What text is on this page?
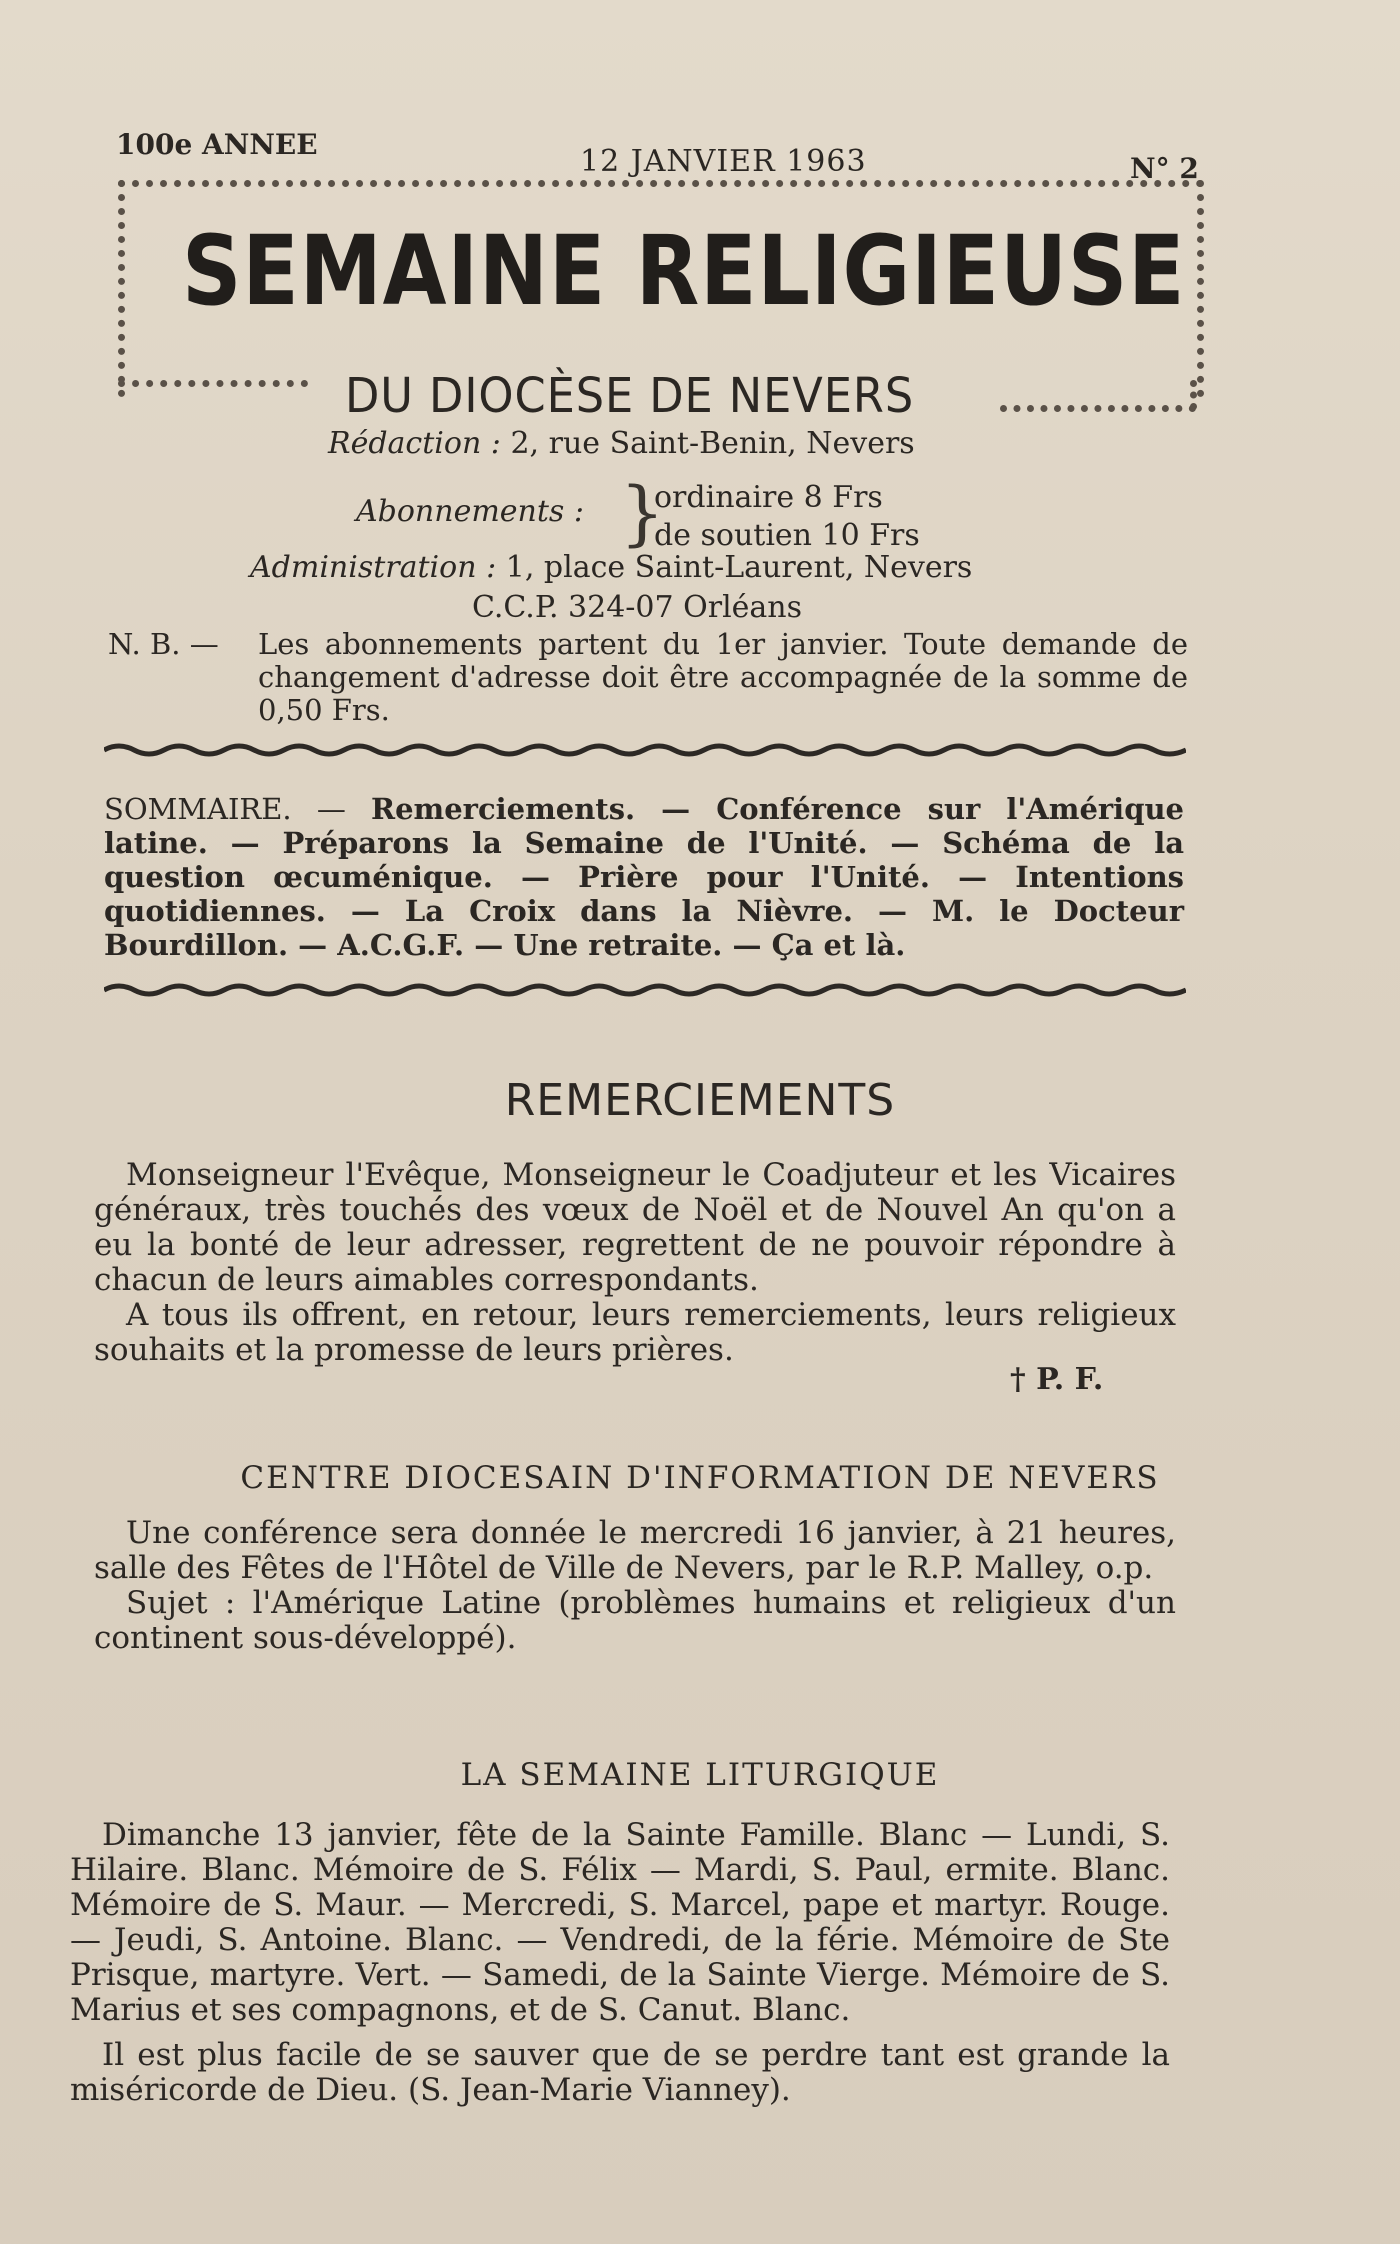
100e ANNEE	12 JANVIER 1963	N° 2
SEMAINE RELIGIEUSE
DU DIOCÈSE DE NEVERS
Rédaction : 2, rue Saint-Benin, Nevers
Abonnements : }
ordinaire 8 Frs
de soutien 10 Frs
Administration : 1, place Saint-Laurent, Nevers
C.C.P. 324-07 Orléans
N. B. — Les abonnements partent du 1er janvier. Toute demande de changement d'adresse doit être accompagnée de la somme de 0,50 Frs.
SOMMAIRE. — Remerciements. — Conférence sur l'Amérique latine. — Préparons la Semaine de l'Unité. — Schéma de la question œcuménique. — Prière pour l'Unité. — Intentions quotidiennes. — La Croix dans la Nièvre. — M. le Docteur Bourdillon. — A.C.G.F. — Une retraite. — Ça et là.
REMERCIEMENTS

Monseigneur l'Evêque, Monseigneur le Coadjuteur et les Vicaires généraux, très touchés des vœux de Noël et de Nouvel An qu'on a eu la bonté de leur adresser, regrettent de ne pouvoir répondre à chacun de leurs aimables correspondants.

A tous ils offrent, en retour, leurs remerciements, leurs religieux souhaits et la promesse de leurs prières.

† P. F.
CENTRE DIOCESAIN D'INFORMATION DE NEVERS

Une conférence sera donnée le mercredi 16 janvier, à 21 heures, salle des Fêtes de l'Hôtel de Ville de Nevers, par le R.P. Malley, o.p.

Sujet : l'Amérique Latine (problèmes humains et religieux d'un continent sous-développé).

LA SEMAINE LITURGIQUE

Dimanche 13 janvier, fête de la Sainte Famille. Blanc — Lundi, S. Hilaire. Blanc. Mémoire de S. Félix — Mardi, S. Paul, ermite. Blanc. Mémoire de S. Maur. — Mercredi, S. Marcel, pape et martyr. Rouge. — Jeudi, S. Antoine. Blanc. — Vendredi, de la férie. Mémoire de Ste Prisque, martyre. Vert. — Samedi, de la Sainte Vierge. Mémoire de S. Marius et ses compagnons, et de S. Canut. Blanc.

Il est plus facile de se sauver que de se perdre tant est grande la miséricorde de Dieu. (S. Jean-Marie Vianney).
